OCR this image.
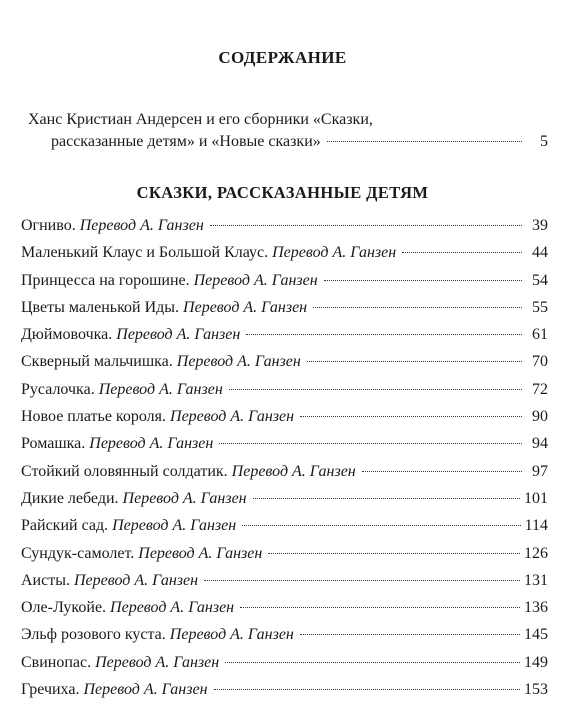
СОДЕРЖАНИЕ
Ханс Кристиан Андерсен и его сборники «Сказки,
рассказанные детям» и «Новые сказки»	5
СКАЗКИ, РАССКАЗАННЫЕ ДЕТЯМ
Огниво. Перевод А. Ганзен	39
Маленький Клаус и Большой Клаус. Перевод А. Ганзен	44
Принцесса на горошине. Перевод А. Ганзен	54
Цветы маленькой Иды. Перевод А. Ганзен	55
Дюймовочка. Перевод А. Ганзен	61
Скверный мальчишка. Перевод А. Ганзен	70
Русалочка. Перевод А. Ганзен	72
Новое платье короля. Перевод А. Ганзен	90
Ромашка. Перевод А. Ганзен	94
Стойкий оловянный солдатик. Перевод А. Ганзен	97
Дикие лебеди. Перевод А. Ганзен	101
Райский сад. Перевод А. Ганзен	114
Сундук-самолет. Перевод А. Ганзен	126
Аисты. Перевод А. Ганзен	131
Оле-Лукойе. Перевод А. Ганзен	136
Эльф розового куста. Перевод А. Ганзен	145
Свинопас. Перевод А. Ганзен	149
Гречиха. Перевод А. Ганзен	153
